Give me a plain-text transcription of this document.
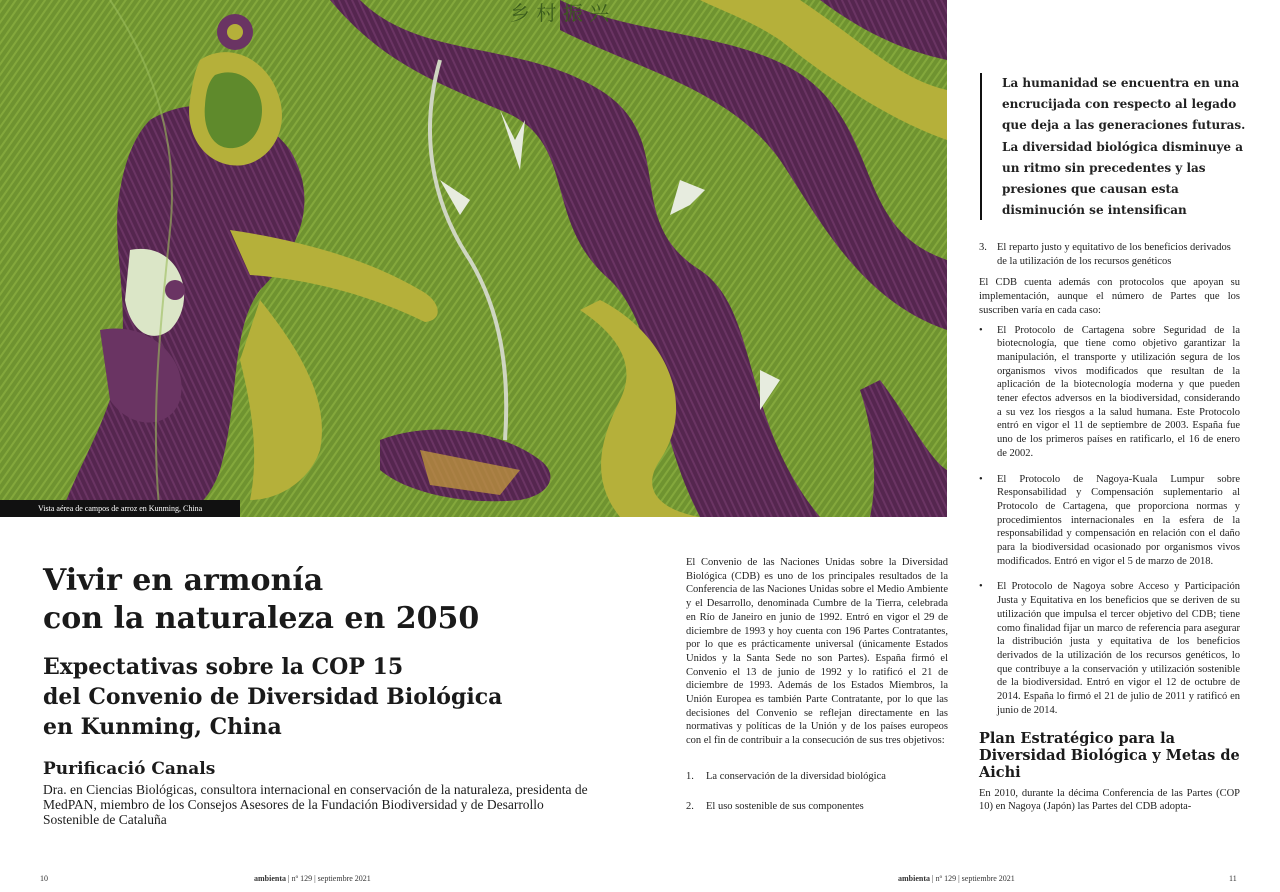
乡 村 振 兴
Vista aérea de campos de arroz en Kunming, China
Vivir en armonía
con la naturaleza en 2050
Expectativas sobre la COP 15
del Convenio de Diversidad Biológica
en Kunming, China
Purificació Canals

Dra. en Ciencias Biológicas, consultora internacional en conservación de la naturaleza, presidenta de MedPAN, miembro de los Consejos Asesores de la Fundación Biodiversidad y de Desarrollo Sostenible de Cataluña

El Convenio de las Naciones Unidas sobre la Diversidad Biológica (CDB) es uno de los principales resultados de la Conferencia de las Naciones Unidas sobre el Medio Ambiente y el Desarrollo, denominada Cumbre de la Tierra, celebrada en Río de Janeiro en junio de 1992. Entró en vigor el 29 de diciembre de 1993 y hoy cuenta con 196 Partes Contratantes, por lo que es prácticamente universal (únicamente Estados Unidos y la Santa Sede no son Partes). España firmó el Convenio el 13 de junio de 1992 y lo ratificó el 21 de diciembre de 1993. Además de los Estados Miembros, la Unión Europea es también Parte Contratante, por lo que las decisiones del Convenio se reflejan directamente en las normativas y políticas de la Unión y de los países europeos con el fin de contribuir a la consecución de sus tres objetivos:

1.	La conservación de la diversidad biológica
2.	El uso sostenible de sus componentes
La humanidad se encuentra en una encrucijada con respecto al legado que deja a las generaciones futuras. La diversidad biológica disminuye a un ritmo sin precedentes y las presiones que causan esta disminución se intensifican
3. El reparto justo y equitativo de los beneficios derivados de la utilización de los recursos genéticos

El CDB cuenta además con protocolos que apoyan su implementación, aunque el número de Partes que los suscriben varía en cada caso:

•	El Protocolo de Cartagena sobre Seguridad de la biotecnología, que tiene como objetivo garantizar la manipulación, el transporte y utilización segura de los organismos vivos modificados que resultan de la aplicación de la biotecnología moderna y que pueden tener efectos adversos en la biodiversidad, considerando a su vez los riesgos a la salud humana. Este Protocolo entró en vigor el 11 de septiembre de 2003. España fue uno de los primeros países en ratificarlo, el 16 de enero de 2002.
•	El Protocolo de Nagoya-Kuala Lumpur sobre Responsabilidad y Compensación suplementario al Protocolo de Cartagena, que proporciona normas y procedimientos internacionales en la esfera de la responsabilidad y compensación en relación con el daño para la biodiversidad ocasionado por organismos vivos modificados. Entró en vigor el 5 de marzo de 2018.
•	El Protocolo de Nagoya sobre Acceso y Participación Justa y Equitativa en los beneficios que se deriven de su utilización que impulsa el tercer objetivo del CDB; tiene como finalidad fijar un marco de referencia para asegurar la distribución justa y equitativa de los beneficios derivados de la utilización de los recursos genéticos, lo que contribuye a la conservación y utilización sostenible de la biodiversidad. Entró en vigor el 12 de octubre de 2014. España lo firmó el 21 de julio de 2011 y ratificó en junio de 2014.
Plan Estratégico para la Diversidad Biológica y Metas de Aichi

En 2010, durante la décima Conferencia de las Partes (COP 10) en Nagoya (Japón) las Partes del CDB adopta-

10	ambienta | nº 129 | septiembre 2021	ambienta | nº 129 | septiembre 2021	11
